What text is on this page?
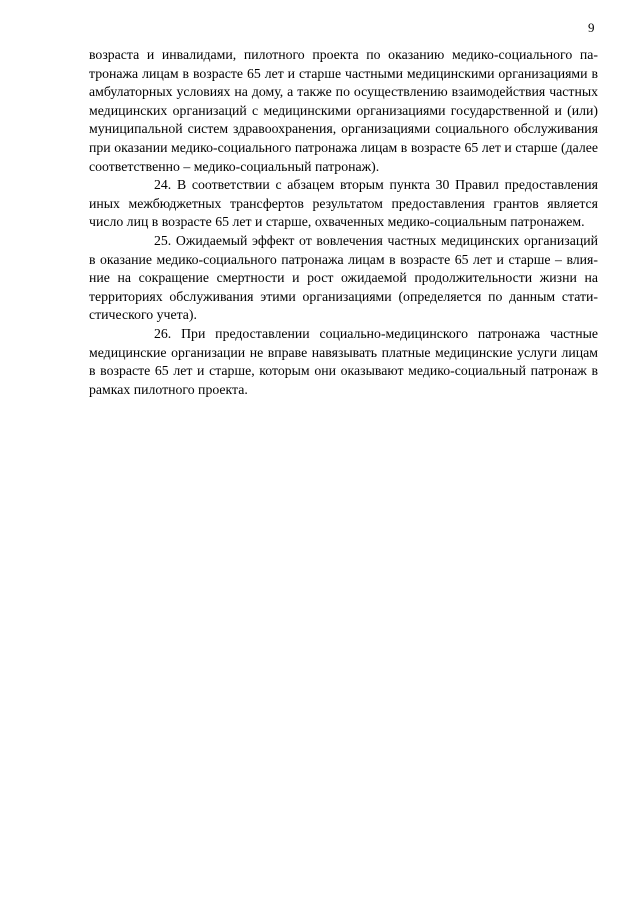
9

возраста и инвалидами, пилотного проекта по оказанию медико-социального патронажа лицам в возрасте 65 лет и старше частными медицинскими организациями в амбулаторных условиях на дому, а также по осуществлению взаимодействия частных медицинских организаций с медицинскими организациями государственной и (или) муниципальной систем здравоохранения, организациями социального обслуживания при оказании медико-социального патронажа лицам в возрасте 65 лет и старше (далее соответственно – медико-социальный патронаж).

24. В соответствии с абзацем вторым пункта 30 Правил предоставления иных межбюджетных трансфертов результатом предоставления грантов является число лиц в возрасте 65 лет и старше, охваченных медико-социальным патронажем.

25. Ожидаемый эффект от вовлечения частных медицинских организаций в оказание медико-социального патронажа лицам в возрасте 65 лет и старше – влияние на сокращение смертности и рост ожидаемой продолжительности жизни на территориях обслуживания этими организациями (определяется по данным статистического учета).

26. При предоставлении социально-медицинского патронажа частные медицинские организации не вправе навязывать платные медицинские услуги лицам в возрасте 65 лет и старше, которым они оказывают медико-социальный патронаж в рамках пилотного проекта.
